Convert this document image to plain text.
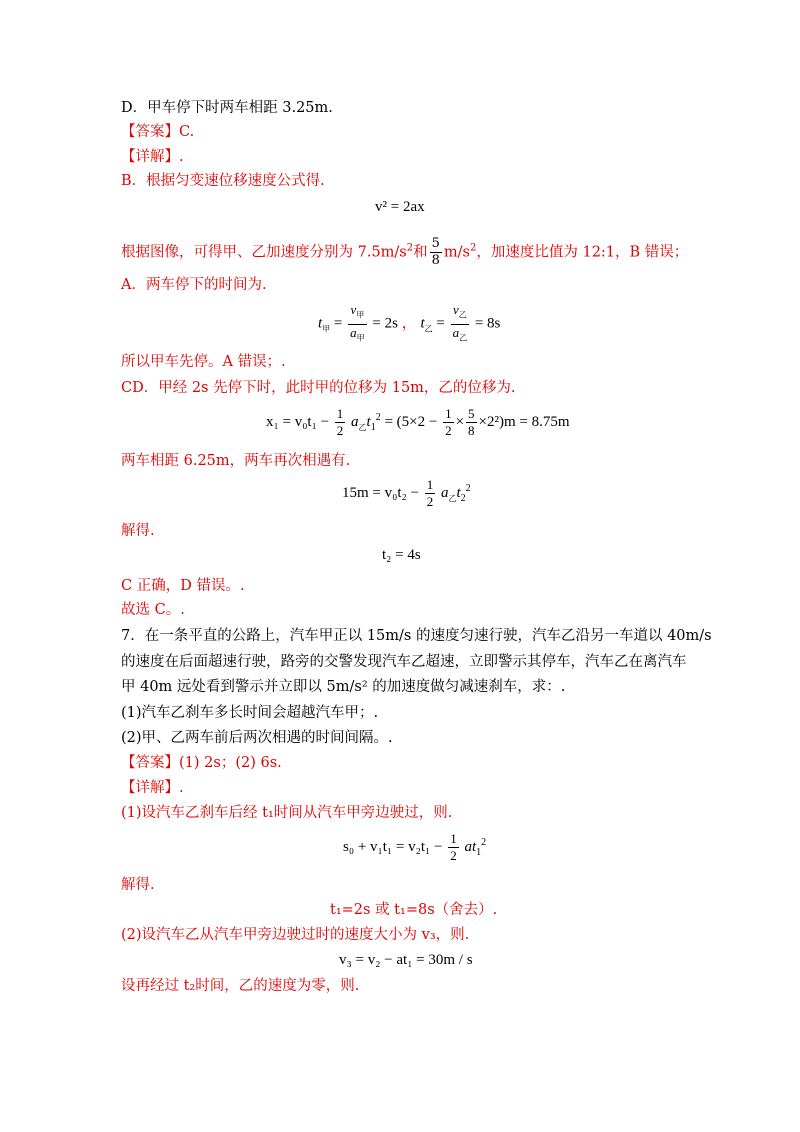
D．甲车停下时两车相距 3.25m.
【答案】C.
【详解】.
B．根据匀变速位移速度公式得.
v² = 2ax
根据图像，可得甲、乙加速度分别为 $7.5m/s^2$和 $\frac{5}{8} m/s^2$，加速度比值为 12:1，B 错误；
A．两车停下的时间为.
$t_甲 = \frac{v_甲}{a_甲} = 2s$ ， $t_乙 = \frac{v_乙}{a_乙} = 8s$
所以甲车先停。A 错误；.
CD．甲经 2s 先停下时，此时甲的位移为 15m，乙的位移为.
$x_1 = v_0t_1 - \frac{1}{2} a_乙t_1^2 = (5\times 2 - \frac{1}{2} \times \frac{5}{8} \times 2^2)m = 8.75m$
两车相距 6.25m，两车再次相遇有.
$15m = v_0t_2 - \frac{1}{2} a_乙t_2^2$
解得.
t₂ = 4s
C 正确，D 错误。.
故选 C。.
7．在一条平直的公路上，汽车甲正以 15m/s 的速度匀速行驶，汽车乙沿另一车道以 40m/s
的速度在后面超速行驶，路旁的交警发现汽车乙超速，立即警示其停车，汽车乙在离汽车
甲 40m 远处看到警示并立即以 5m/s² 的加速度做匀减速刹车，求：.
(1)汽车乙刹车多长时间会超越汽车甲；.
(2)甲、乙两车前后两次相遇的时间间隔。.
【答案】(1) 2s；(2) 6s.
【详解】.
(1)设汽车乙刹车后经 t₁时间从汽车甲旁边驶过，则.
$s_0 + v_1t_1 = v_2t_1 - \frac{1}{2} at_1^2$
解得.
t₁=2s 或 t₁=8s（舍去）.
(2)设汽车乙从汽车甲旁边驶过时的速度大小为 v₃，则.
v₃ = v₂ − at₁ = 30m / s
设再经过 t₂时间，乙的速度为零，则.
